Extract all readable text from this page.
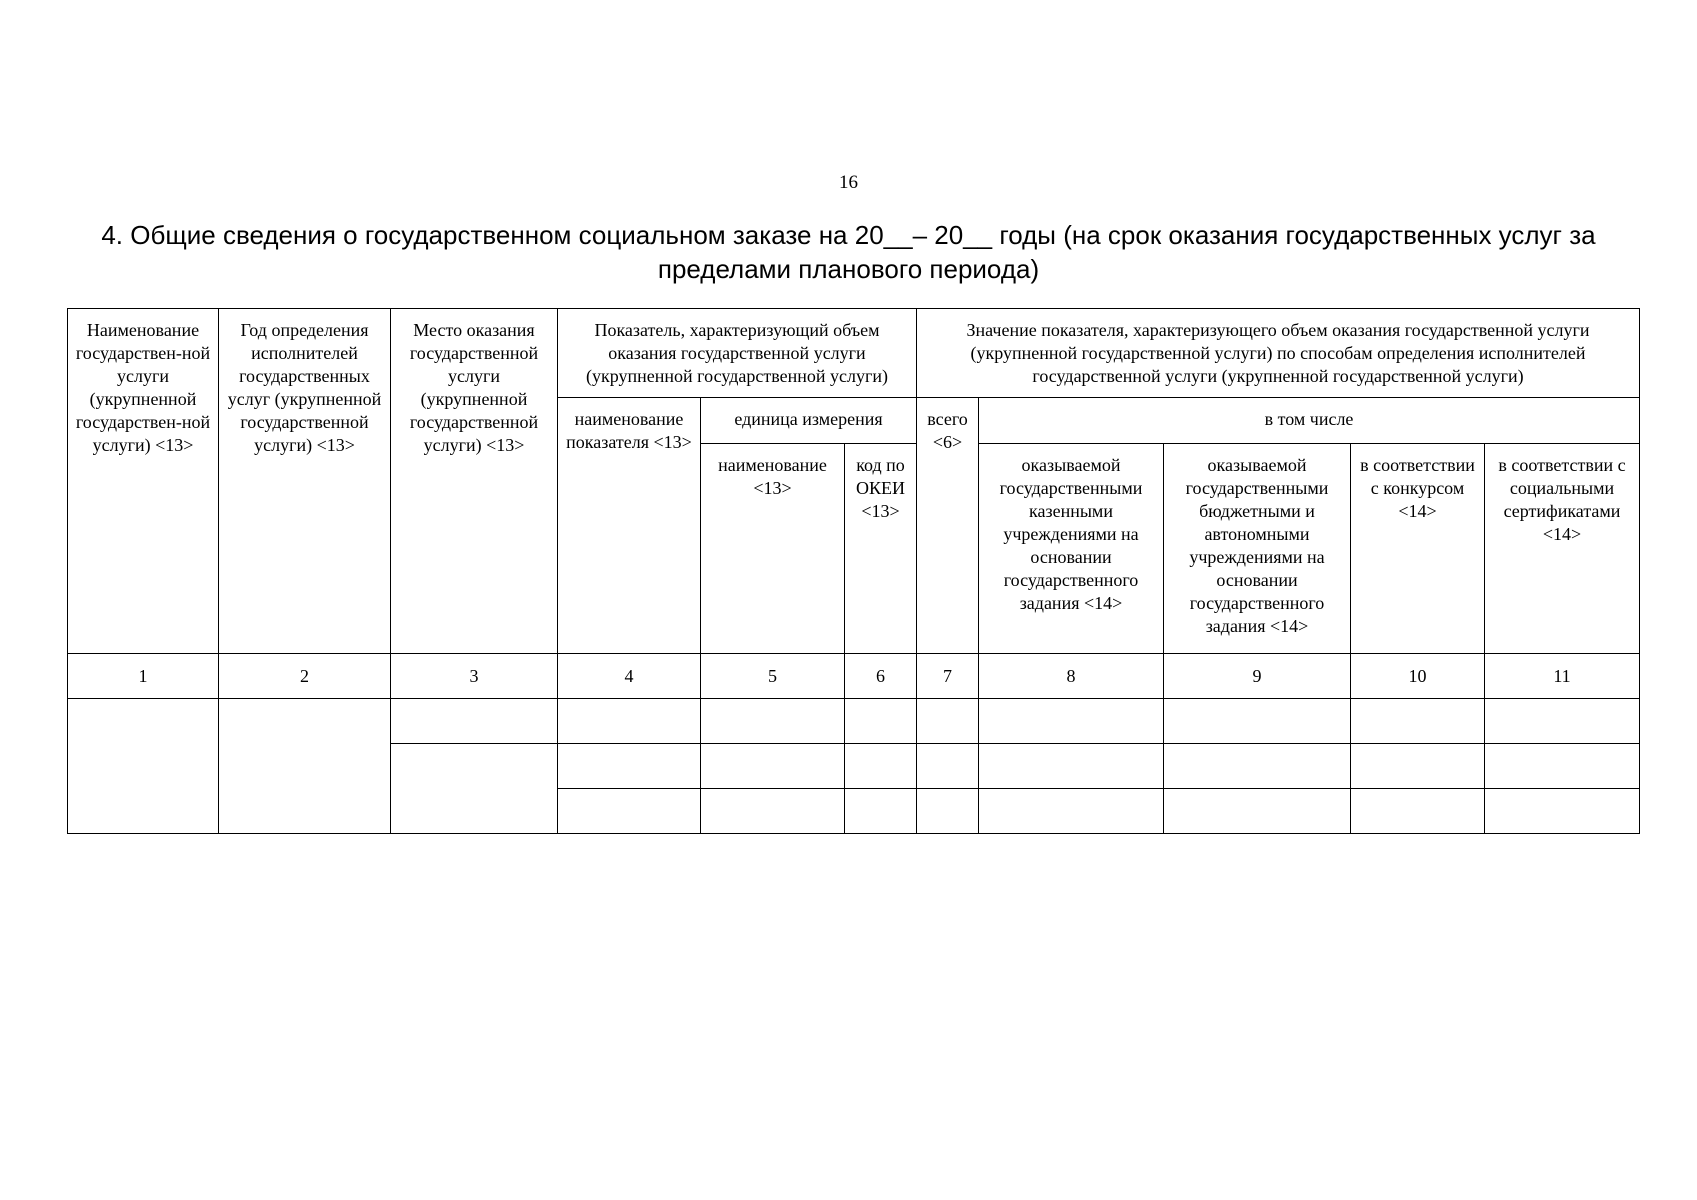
16
4. Общие сведения о государственном социальном заказе на 20__– 20__ годы (на срок оказания государственных услуг за
пределами планового периода)
Наименование государствен-ной услуги (укрупненной государствен-ной услуги) <13>	Год определения исполнителей государственных услуг (укрупненной государственной услуги) <13>	Место оказания государственной услуги (укрупненной государственной услуги) <13>	Показатель, характеризующий объем оказания государственной услуги (укрупненной государственной услуги)			Значение показателя, характеризующего объем оказания государственной услуги (укрупненной государственной услуги) по способам определения исполнителей государственной услуги (укрупненной государственной услуги)				
			наименование показателя <13>	единица измерения		всего <6>	в том числе			
				наименование <13>	код по ОКЕИ <13>		оказываемой государственными казенными учреждениями на основании государственного задания <14>	оказываемой государственными бюджетными и автономными учреждениями на основании государственного задания <14>	в соответствии с конкурсом <14>	в соответствии с социальными сертификатами <14>
1	2	3	4	5	6	7	8	9	10	11
